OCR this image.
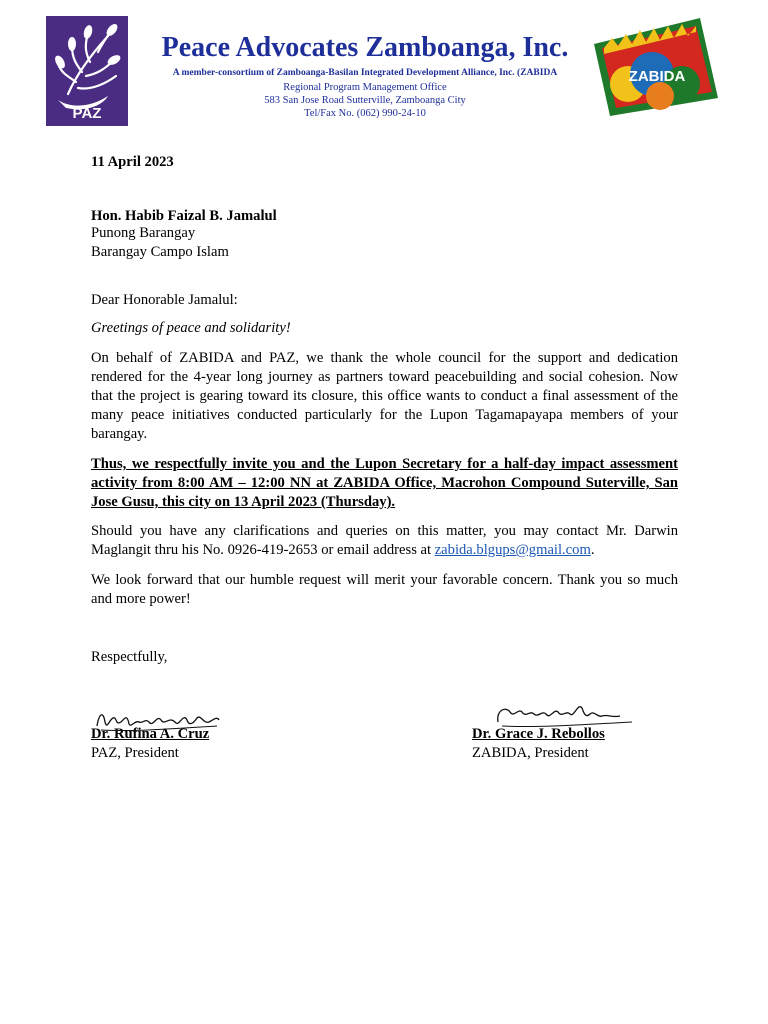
PAZ
Peace Advocates Zamboanga, Inc.
A member-consortium of Zamboanga-Basilan Integrated Development Alliance, Inc. (ZABIDA
Regional Program Management Office
583 San Jose Road Sutterville, Zamboanga City
Tel/Fax No. (062) 990-24-10
ZABIDA
11 April 2023
Hon. Habib Faizal B. Jamalul
Punong Barangay
Barangay Campo Islam
Dear Honorable Jamalul:
Greetings of peace and solidarity!
On behalf of ZABIDA and PAZ, we thank the whole council for the support and dedication rendered for the 4-year long journey as partners toward peacebuilding and social cohesion. Now that the project is gearing toward its closure, this office wants to conduct a final assessment of the many peace initiatives conducted particularly for the Lupon Tagamapayapa members of your barangay.
Thus, we respectfully invite you and the Lupon Secretary for a half-day impact assessment activity from 8:00 AM – 12:00 NN at ZABIDA Office, Macrohon Compound Suterville, San Jose Gusu, this city on 13 April 2023 (Thursday).
Should you have any clarifications and queries on this matter, you may contact Mr. Darwin Maglangit thru his No. 0926-419-2653 or email address at zabida.blgups@gmail.com.
We look forward that our humble request will merit your favorable concern. Thank you so much and more power!
Respectfully,
Dr. Rufina A. Cruz
PAZ, President
Dr. Grace J. Rebollos
ZABIDA, President
